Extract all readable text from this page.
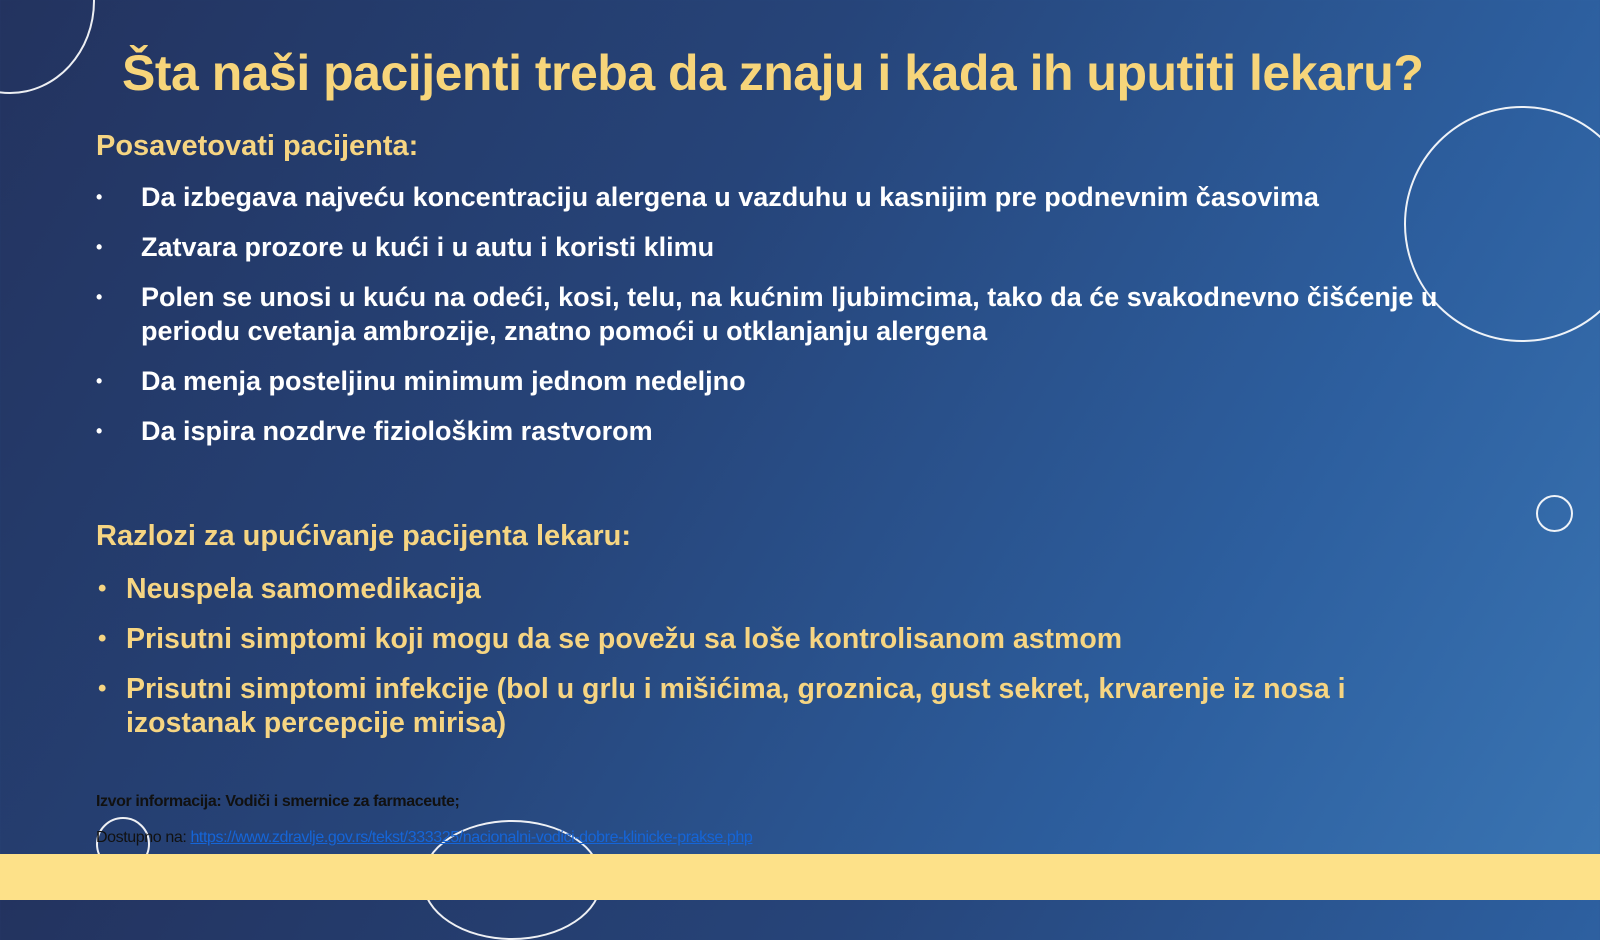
Šta naši pacijenti treba da znaju i kada ih uputiti lekaru?
Posavetovati pacijenta:
• Da izbegava najveću koncentraciju alergena u vazduhu u kasnijim pre podnevnim časovima
• Zatvara prozore u kući i u autu i koristi klimu
• Polen se unosi u kuću na odeći, kosi, telu, na kućnim ljubimcima, tako da će svakodnevno čišćenje u periodu cvetanja ambrozije, znatno pomoći u otklanjanju alergena
• Da menja posteljinu minimum jednom nedeljno
• Da ispira nozdrve fiziološkim rastvorom
Razlozi za upućivanje pacijenta lekaru:
• Neuspela samomedikacija
• Prisutni simptomi koji mogu da se povežu sa loše kontrolisanom astmom
• Prisutni simptomi infekcije (bol u grlu i mišićima, groznica, gust sekret, krvarenje iz nosa i izostanak percepcije mirisa)
Izvor informacija: Vodiči i smernice za farmaceute;
Dostupno na: https://www.zdravlje.gov.rs/tekst/333325/nacionalni-vodici-dobre-klinicke-prakse.php
